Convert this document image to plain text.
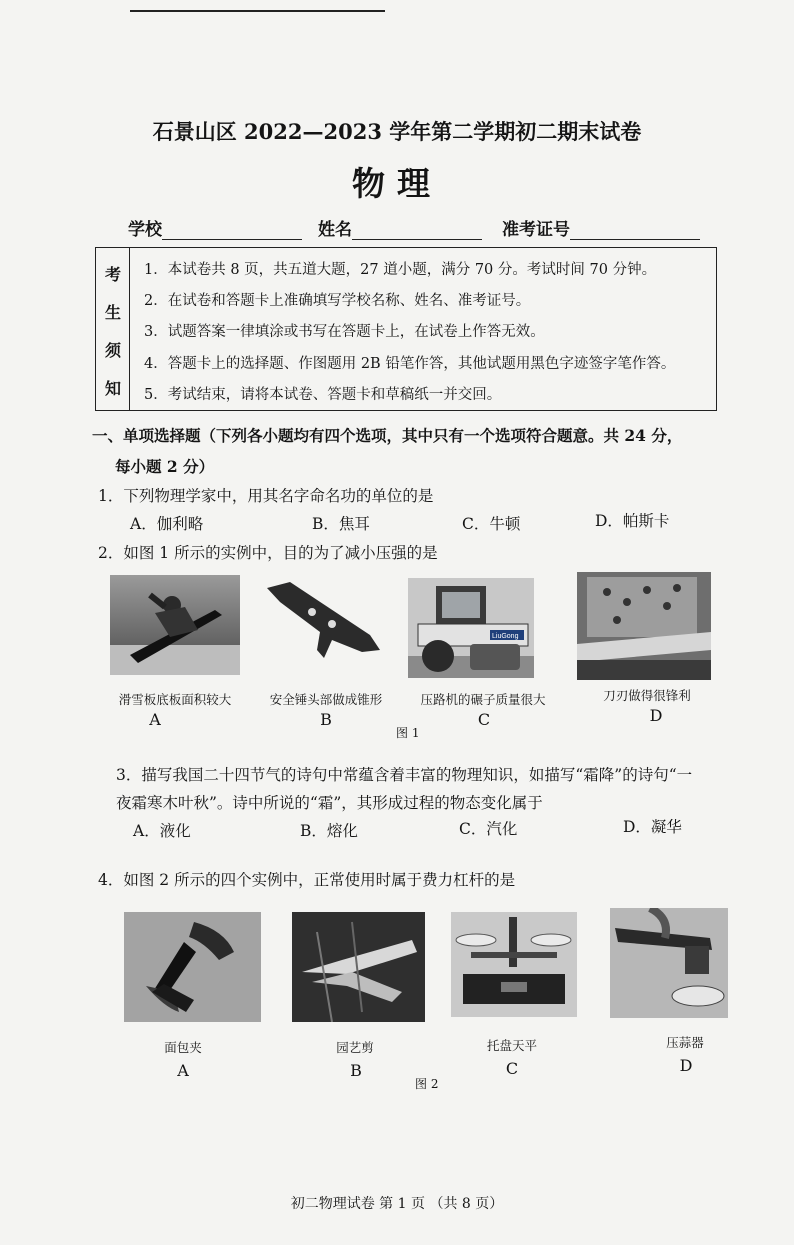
石景山区 2022—2023 学年第二学期初二期末试卷
物理
学校	姓名	准考证号
考
生
须
知
1．本试卷共 8 页，共五道大题，27 道小题，满分 70 分。考试时间 70 分钟。
2．在试卷和答题卡上准确填写学校名称、姓名、准考证号。
3．试题答案一律填涂或书写在答题卡上，在试卷上作答无效。
4．答题卡上的选择题、作图题用 2B 铅笔作答，其他试题用黑色字迹签字笔作答。
5．考试结束，请将本试卷、答题卡和草稿纸一并交回。
一、单项选择题（下列各小题均有四个选项，其中只有一个选项符合题意。共 24 分，
每小题 2 分）
1．下列物理学家中，用其名字命名功的单位的是
A．伽利略	B．焦耳	C．牛顿	D．帕斯卡
2．如图 1 所示的实例中，目的为了减小压强的是
LiuGong
滑雪板底板面积较大	安全锤头部做成锥形	压路机的碾子质量很大	刀刃做得很锋利
A	B	C	D
图 1
3．描写我国二十四节气的诗句中常蕴含着丰富的物理知识，如描写“霜降”的诗句“一
夜霜寒木叶秋”。诗中所说的“霜”，其形成过程的物态变化属于
A．液化	B．熔化	C．汽化	D．凝华
4．如图 2 所示的四个实例中，正常使用时属于费力杠杆的是
面包夹	园艺剪	托盘天平	压蒜器
A	B	C	D
图 2
初二物理试卷 第 1 页 （共 8 页）
